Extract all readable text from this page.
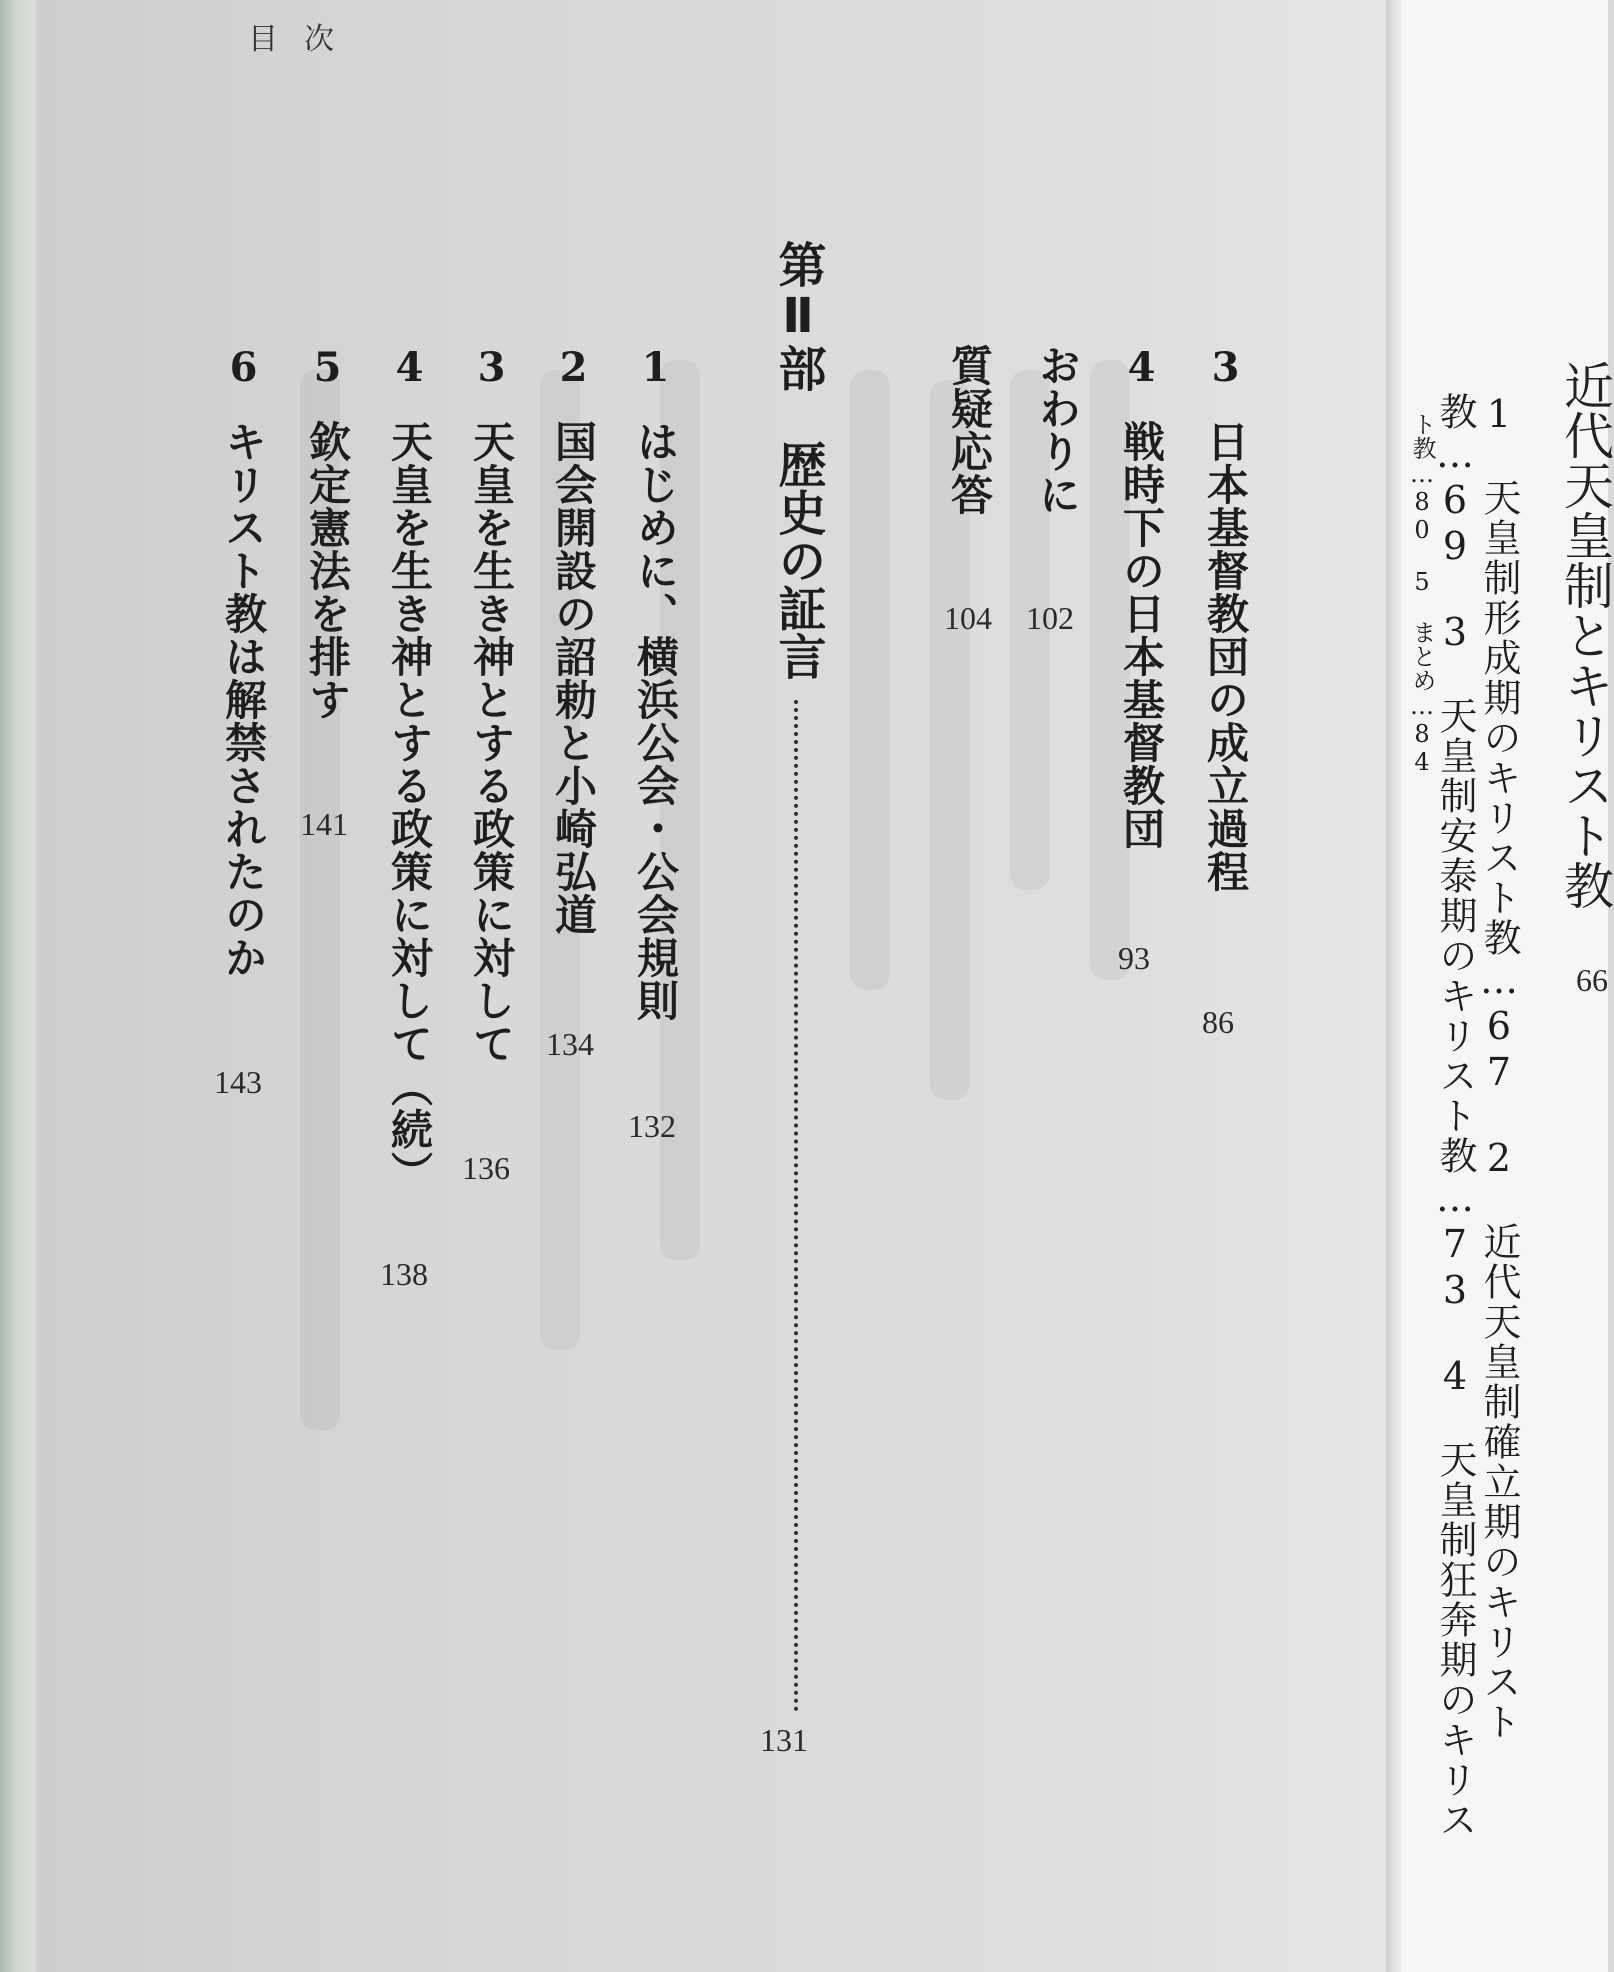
目次
3日本基督教団の成立過程
86
4戦時下の日本基督教団
93
おわりに
102
質疑応答
104
第Ⅱ部歴史の証言
131
1はじめに、横浜公会・公会規則
132
2国会開設の詔勅と小崎弘道
134
3天皇を生き神とする政策に対して
136
4天皇を生き神とする政策に対して（続）
138
5欽定憲法を排す
141
6キリスト教は解禁されたのか
143
近代天皇制とキリスト教
66
1　天皇制形成期のキリスト教…67　2　近代天皇制確立期のキリスト
教…69　3　天皇制安泰期のキリスト教…73　4　天皇制狂奔期のキリス
ト教…80　5　まとめ…84
